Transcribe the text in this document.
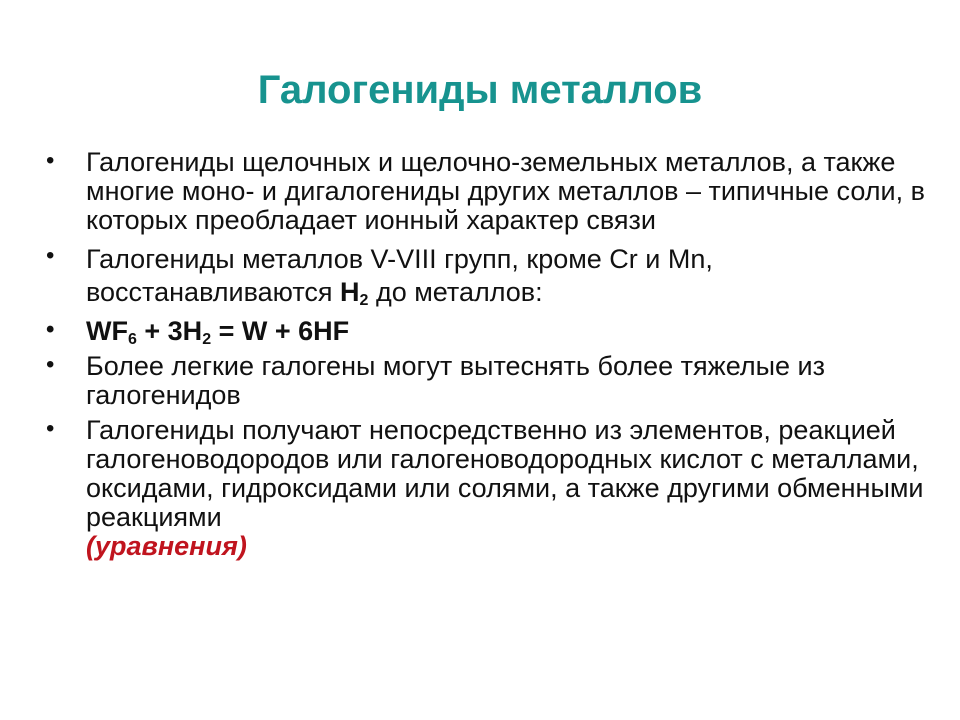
Галогениды металлов
• Галогениды щелочных и щелочно-земельных металлов, а также многие моно- и дигалогениды других металлов – типичные соли, в которых преобладает ионный характер связи
• Галогениды металлов V-VIII групп, кроме Cr и Mn, восстанавливаются $H_2$ до металлов:
• $WF_6 + 3H_2 = W + 6HF$
• Более легкие галогены могут вытеснять более тяжелые из галогенидов
• Галогениды получают непосредственно из элементов, реакцией галогеноводородов или галогеноводородных кислот с металлами, оксидами, гидроксидами или солями, а также другими обменными реакциями
(уравнения)
